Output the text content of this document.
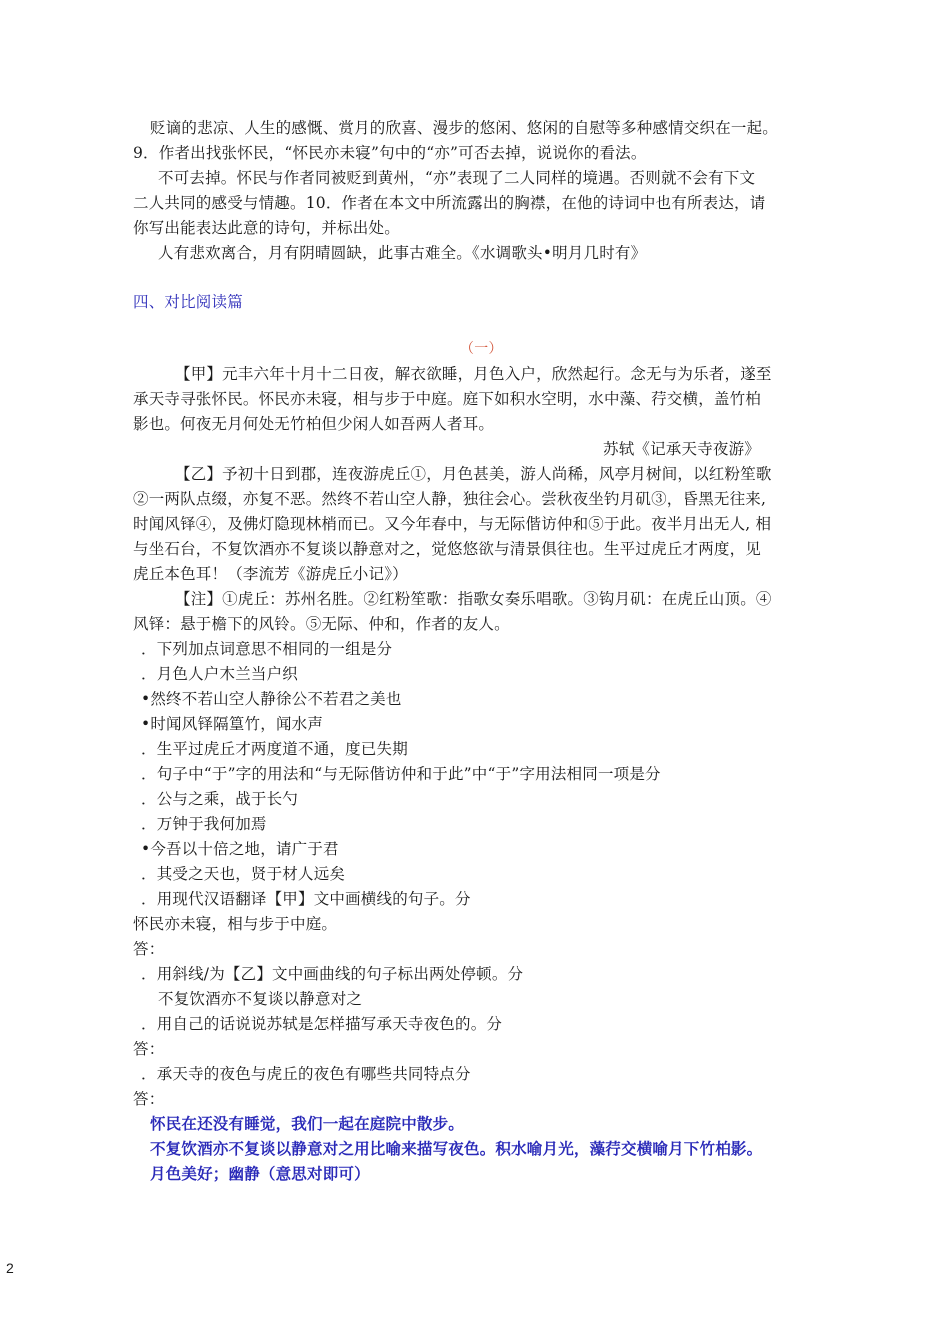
贬谪的悲凉、人生的感慨、赏月的欣喜、漫步的悠闲、悠闲的自慰等多种感情交织在一起。
9．作者出找张怀民，“怀民亦未寝”句中的“亦”可否去掉，说说你的看法。
不可去掉。怀民与作者同被贬到黄州，“亦”表现了二人同样的境遇。否则就不会有下文
二人共同的感受与情趣。10．作者在本文中所流露出的胸襟，在他的诗词中也有所表达，请
你写出能表达此意的诗句，并标出处。
人有悲欢离合，月有阴晴圆缺，此事古难全。《水调歌头•明月几时有》
四、对比阅读篇
（一）
【甲】元丰六年十月十二日夜，解衣欲睡，月色入户，欣然起行。念无与为乐者，遂至
承天寺寻张怀民。怀民亦未寝，相与步于中庭。庭下如积水空明，水中藻、荇交横，盖竹柏
影也。何夜无月何处无竹柏但少闲人如吾两人者耳。
苏轼《记承天寺夜游》
【乙】予初十日到郡，连夜游虎丘①，月色甚美，游人尚稀，风亭月树间，以红粉笙歌
②一两队点缀，亦复不恶。然终不若山空人静，独往会心。尝秋夜坐钓月矶③，昏黑无往来,
时闻风铎④，及佛灯隐现林梢而已。又今年春中，与无际偕访仲和⑤于此。夜半月出无人, 相
与坐石台，不复饮酒亦不复谈以静意对之，觉悠悠欲与清景俱往也。生平过虎丘才两度，见
虎丘本色耳！（李流芳《游虎丘小记》）
【注】①虎丘：苏州名胜。②红粉笙歌：指歌女奏乐唱歌。③钩月矶：在虎丘山顶。④
风铎：悬于檐下的风铃。⑤无际、仲和，作者的友人。
．下列加点词意思不相同的一组是分
．月色人户木兰当户织
•然终不若山空人静徐公不若君之美也
•时闻风铎隔篁竹，闻水声
．生平过虎丘才两度道不通，度已失期
．句子中“于”字的用法和“与无际偕访仲和于此”中“于”字用法相同一项是分
．公与之乘，战于长勺
．万钟于我何加焉
•今吾以十倍之地，请广于君
．其受之天也，贤于材人远矣
．用现代汉语翻译【甲】文中画横线的句子。分
怀民亦未寝，相与步于中庭。
答：
．用斜线/为【乙】文中画曲线的句子标出两处停顿。分
不复饮酒亦不复谈以静意对之
．用自己的话说说苏轼是怎样描写承天寺夜色的。分
答：
．承天寺的夜色与虎丘的夜色有哪些共同特点分
答：
怀民在还没有睡觉，我们一起在庭院中散步。
不复饮酒亦不复谈以静意对之用比喻来描写夜色。积水喻月光，藻荇交横喻月下竹柏影。
月色美好；幽静（意思对即可）
2
